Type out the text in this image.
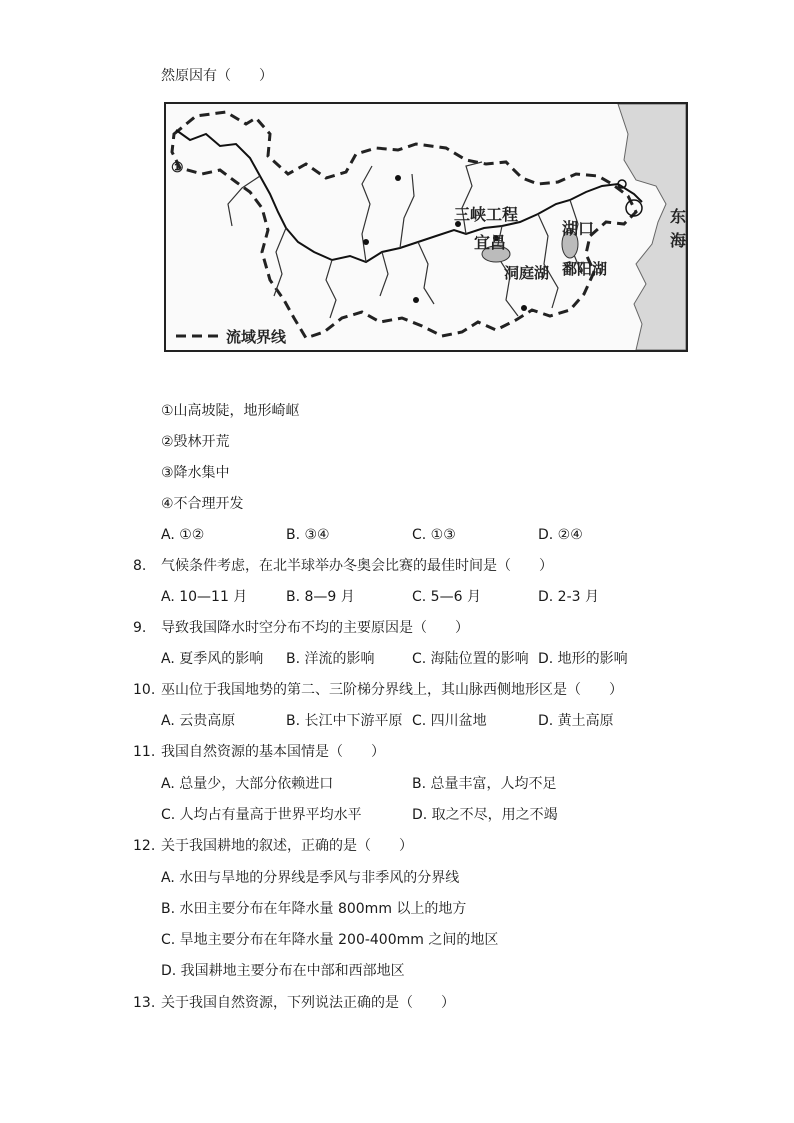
然原因有（　　）
①
三峡工程
宜昌
湖口
洞庭湖 鄱阳湖
东
海
流域界线
①山高坡陡，地形崎岖
②毁林开荒
③降水集中
④不合理开发
A. ①②	B. ③④	C. ①③	D. ②④
8. 气候条件考虑，在北半球举办冬奥会比赛的最佳时间是（　　）
A. 10—11 月	B. 8—9 月	C. 5—6 月	D. 2-3 月
9. 导致我国降水时空分布不均的主要原因是（　　）
A. 夏季风的影响 B. 洋流的影响	C. 海陆位置的影响 D. 地形的影响
10. 巫山位于我国地势的第二、三阶梯分界线上，其山脉西侧地形区是（　　）
A. 云贵高原	B. 长江中下游平原 C. 四川盆地	D. 黄土高原
11. 我国自然资源的基本国情是（　　）
A. 总量少，大部分依赖进口	B. 总量丰富，人均不足
C. 人均占有量高于世界平均水平	D. 取之不尽，用之不竭
12. 关于我国耕地的叙述，正确的是（　　）
A. 水田与旱地的分界线是季风与非季风的分界线
B. 水田主要分布在年降水量 800mm 以上的地方
C. 旱地主要分布在年降水量 200-400mm 之间的地区
D. 我国耕地主要分布在中部和西部地区
13. 关于我国自然资源，下列说法正确的是（　　）
